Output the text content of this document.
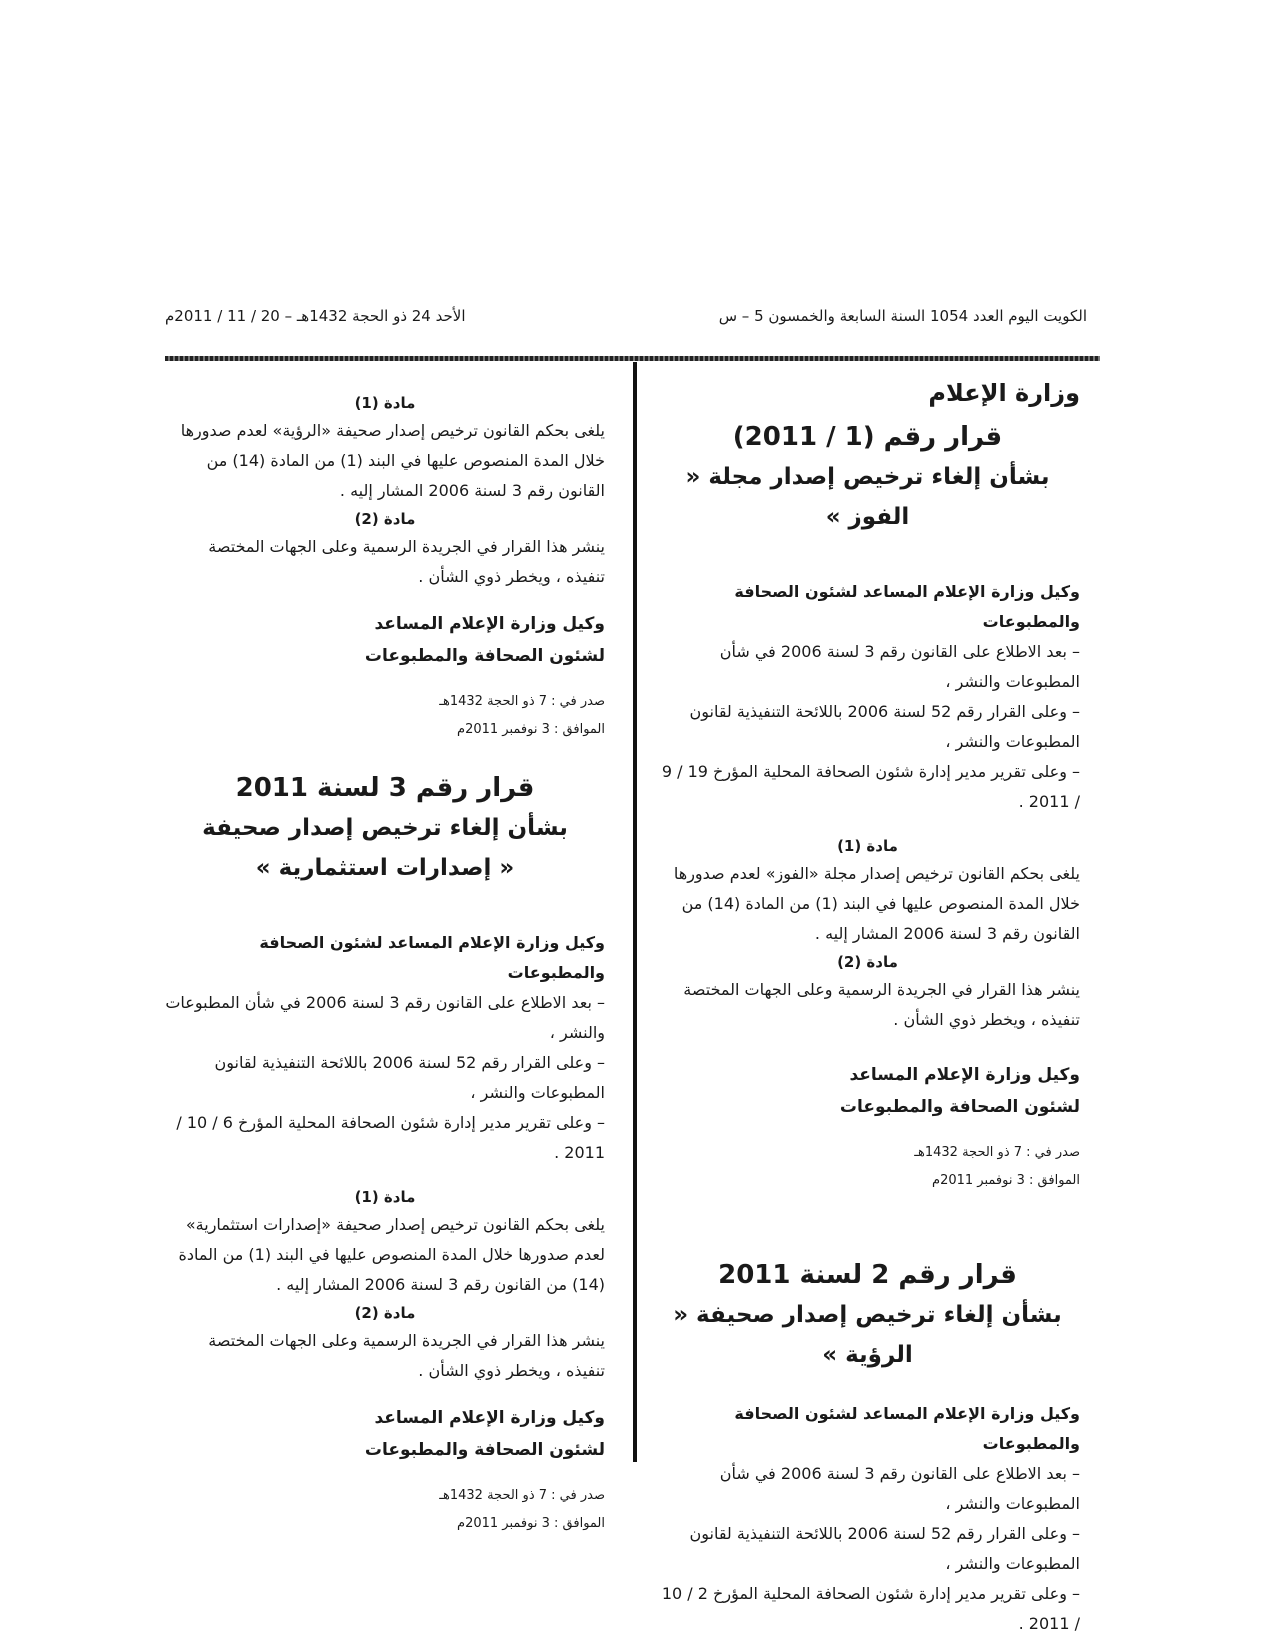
الكويت اليوم العدد 1054 السنة السابعة والخمسون 5 – س
الأحد 24 ذو الحجة 1432هـ – 20 / 11 / 2011م
وزارة الإعلام
قرار رقم (1 / 2011)
بشأن إلغاء ترخيص إصدار مجلة « الفوز »
وكيل وزارة الإعلام المساعد لشئون الصحافة والمطبوعات
– بعد الاطلاع على القانون رقم 3 لسنة 2006 في شأن المطبوعات والنشر ،
– وعلى القرار رقم 52 لسنة 2006 باللائحة التنفيذية لقانون المطبوعات والنشر ،
– وعلى تقرير مدير إدارة شئون الصحافة المحلية المؤرخ 19 / 9 / 2011 .
مادة (1)
يلغى بحكم القانون ترخيص إصدار مجلة «الفوز» لعدم صدورها خلال المدة المنصوص عليها في البند (1) من المادة (14) من القانون رقم 3 لسنة 2006 المشار إليه .
مادة (2)
ينشر هذا القرار في الجريدة الرسمية وعلى الجهات المختصة تنفيذه ، ويخطر ذوي الشأن .
وكيل وزارة الإعلام المساعد
لشئون الصحافة والمطبوعات
صدر في : 7 ذو الحجة 1432هـ
الموافق : 3 نوفمبر 2011م
قرار رقم 2 لسنة 2011
بشأن إلغاء ترخيص إصدار صحيفة « الرؤية »
وكيل وزارة الإعلام المساعد لشئون الصحافة والمطبوعات
– بعد الاطلاع على القانون رقم 3 لسنة 2006 في شأن المطبوعات والنشر ،
– وعلى القرار رقم 52 لسنة 2006 باللائحة التنفيذية لقانون المطبوعات والنشر ،
– وعلى تقرير مدير إدارة شئون الصحافة المحلية المؤرخ 2 / 10 / 2011 .
مادة (1)
يلغى بحكم القانون ترخيص إصدار صحيفة «الرؤية» لعدم صدورها خلال المدة المنصوص عليها في البند (1) من المادة (14) من القانون رقم 3 لسنة 2006 المشار إليه .
مادة (2)
ينشر هذا القرار في الجريدة الرسمية وعلى الجهات المختصة تنفيذه ، ويخطر ذوي الشأن .
وكيل وزارة الإعلام المساعد
لشئون الصحافة والمطبوعات
صدر في : 7 ذو الحجة 1432هـ
الموافق : 3 نوفمبر 2011م
قرار رقم 3 لسنة 2011
بشأن إلغاء ترخيص إصدار صحيفة
« إصدارات استثمارية »
وكيل وزارة الإعلام المساعد لشئون الصحافة والمطبوعات
– بعد الاطلاع على القانون رقم 3 لسنة 2006 في شأن المطبوعات والنشر ،
– وعلى القرار رقم 52 لسنة 2006 باللائحة التنفيذية لقانون المطبوعات والنشر ،
– وعلى تقرير مدير إدارة شئون الصحافة المحلية المؤرخ 6 / 10 / 2011 .
مادة (1)
يلغى بحكم القانون ترخيص إصدار صحيفة «إصدارات استثمارية» لعدم صدورها خلال المدة المنصوص عليها في البند (1) من المادة (14) من القانون رقم 3 لسنة 2006 المشار إليه .
مادة (2)
ينشر هذا القرار في الجريدة الرسمية وعلى الجهات المختصة تنفيذه ، ويخطر ذوي الشأن .
وكيل وزارة الإعلام المساعد
لشئون الصحافة والمطبوعات
صدر في : 7 ذو الحجة 1432هـ
الموافق : 3 نوفمبر 2011م
